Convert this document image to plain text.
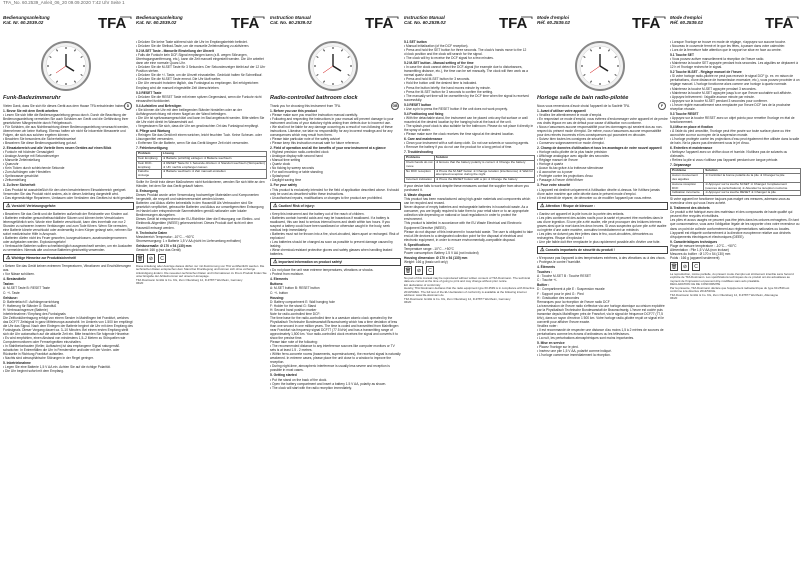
TFA_No. 60.2539_Anleit_06_20 09.09.2020 7:42 Uhr Seite 1
TFA
Bedienungsanleitung
Kat. Nr. 60.2539.02
Funk-Badezimmeruhr
D
Vielen Dank, dass Sie sich für dieses Gerät aus dem Hause TFA entschieden haben.
1. Bevor Sie mit dem Gerät arbeiten
• Lesen Sie sich bitte die Bedienungsanleitung genau durch. Durch die Beachtung der Bedienungsanleitung vermeiden Sie auch Schäden am Gerät und die Gefährdung Ihrer gesetzlichen Mängelrechte durch Fehlgebrauch.
• Für Schäden, die aus Nichtbeachtung dieser Bedienungsanleitung verursacht werden, übernehmen wir keine Haftung. Ebenso haften wir nicht für inkorrekte Messwerte und Folgen, die sich aus solchen ergeben können.
• Beachten Sie besonders die Sicherheitshinweise!
• Bewahren Sie diese Bedienungsanleitung gut auf.
2. Einsatzbereich und alle Vorteile Ihres neuen Gerätes auf einen Blick
• Funkuhr mit höchster Genauigkeit
• Analoge Anzeige mit Sekundenzeiger
• Manuelle Zeiteinstellung
• Quarzuhr
• Kein Ticken durch schleichende Sekunde
• Zum Aufhängen oder Hinstellen
• Spritzwasser geschützt
• Zeitumstellung
3. Zu Ihrer Sicherheit
• Das Produkt ist ausschließlich für den oben beschriebenen Einsatzbereich geeignet. Verwenden Sie das Produkt nicht anders, als in dieser Anleitung dargestellt wird.
• Das eigenmächtige Reparieren, Umbauen oder Verändern des Gerätes ist nicht gestattet.
⚠Vorsicht! Verletzungsgefahr:
• Bewahren Sie das Gerät und die Batterien außerhalb der Reichweite von Kindern auf.
• Batterien enthalten gesundheitsschädliche Säuren und können beim Verschlucken lebensgefährlich sein. Wurde eine Batterie verschluckt, kann dies innerhalb von nur 2 Stunden zu schweren inneren Verätzungen und zum Tode führen. Wenn Sie vermuten, eine Batterie könnte verschluckt oder anderweitig in den Körper gelangt sein, nehmen Sie sofort medizinische Hilfe in Anspruch.
• Batterien dürfen nicht ins Feuer geworfen, kurzgeschlossen, auseinandergenommen oder aufgeladen werden. Explosionsgefahr!
• Verbrauchte Batterien sollten schnellstmöglich ausgewechselt werden, um ein Auslaufen zu vermeiden. Niemals alte und neue Batterien gleichzeitig verwenden.
⚠Wichtige Hinweise zur Produktsicherheit!
• Setzen Sie das Gerät keinen extremen Temperaturen, Vibrationen und Erschütterungen aus.
• Vor Nässe schützen.
4. Bestandteile
Tasten:
A: M-SET Taste B: RESET Taste
C: +/- Taste
Gehäuse:
D: Batteriefach E: Aufhängevorrichtung
F: Halterung für Ständer G: Standfuß
H: Verbrauchsgrenze (Batterie)
Inbetriebnahme / Empfang des Funksignals
Die Zeitfunkübertragung erfolgt von einem Sender in Mainflingen bei Frankfurt, welches das DCF77 Zeitsignal in ganz Mitteleuropa ausstrahlt. Im Umkreis von 1.500 km empfängt die Uhr das Signal. Nach dem Einlegen der Batterie beginnt die Uhr mit dem Empfang des Funksignals. Dieser Vorgang dauert ca. 3–10 Minuten. Bei einem ersten Empfang stellt sich die Uhr automatisch auf die aktuelle Zeit ein. Bitte beachten Sie folgende Hinweise:
• Es wird empfohlen, einen Abstand von mindestens 1,5–2 Metern zu Störquellen wie Computermonitoren oder Fernsehgeräten einzuhalten.
• In Stahlbetonbauten (Keller, Aufbauten) ist das empfangene Signal naturgemäß schwächer. In Extremfällen die Uhr in Fensternähe und/oder mit der Vorder- oder Rückseite in Richtung Frankfurt aufstellen.
• Nachts sind atmosphärische Störungen in der Regel geringer.
5. Inbetriebnahme
• Legen Sie eine Batterie 1,5 V AA ein. Achten Sie auf die richtige Polarität.
• Die Uhr beginnt sofort mit dem Empfang.
TFA
Bedienungsanleitung
Kat. Nr. 60.2539.02
• Drücken Sie keine Taste während sich die Uhr im Empfangsbetrieb befindet.
• Drücken Sie die Stellrad-Taste, um die manuelle Zeiteinstellung zu aktivieren.
5.2 M-SET Taste - Manuelle Einstellung der Uhrzeit
• Falls die Funkuhr kein DCF-Signal empfangen kann (z.B. wegen Störungen, Übertragungsentfernung, etc.), kann die Zeit manuell eingestellt werden. Die Uhr arbeitet dann wie eine normale Quarz-Uhr.
• Drücken Sie die M-SET Taste für 3 Sekunden. Der Sekundenzeiger bleibt auf der 12 Uhr Position stehen.
• Drücken Sie die +/- Taste, um die Uhrzeit einzustellen. Gedrückt halten für Schnelllauf.
• Drücken Sie die M-SET Taste erneut. Die Uhr läuft weiter.
• Die Uhr versucht trotzdem täglich, das Funksignal zu empfangen. Bei erfolgreichem Empfang wird die manuell eingestellte Zeit überschrieben.
5.3 RESET Taste
• Drücken Sie die RESET Taste mit einem spitzen Gegenstand, wenn die Funkuhr nicht einwandfrei funktioniert.
5.4 Aufstellen und Befestigen
• Sie können die Uhr mit dem beiliegenden Ständer hinstellen oder an der Aufhängevorrichtung mit einem Nagel an der Wand befestigen.
• Die Uhr ist spritzwassergeschützt und kann im Bad angebracht werden. Bitte stellen Sie die Uhr nicht direkt im Wasserstrahl auf.
• Vergewissern Sie sich, dass die Uhr am gewünschten Ort das Funksignal empfängt.
6. Pflege und Wartung
• Reinigen Sie das Gerät mit einem weichen, leicht feuchten Tuch. Keine Scheuer- oder Lösungsmittel verwenden.
• Entfernen Sie die Batterie, wenn Sie das Gerät längere Zeit nicht verwenden.
7. Fehlerbeseitigung
Problem	Lösung
Kein Empfang	➜ Batterie polrichtig einlegen ➜ Batterie wechseln
Kein DCF-Empfang	➜ RESET Taste für 1 Sekunde drücken ➜ Standort wechseln (Störquellen) ➜ Uhr nachts empfangen lassen
Falsche Anzeige	➜ Batterie wechseln ➜ Zeit manuell einstellen
Sollte Ihr Gerät trotz dieser Maßnahmen nicht funktionieren, wenden Sie sich bitte an den Händler, bei dem Sie das Gerät gekauft haben.
8. Entsorgung
Dieses Produkt wurde unter Verwendung hochwertiger Materialien und Komponenten hergestellt, die recycelt und wiederverwendet werden können.
Batterien und Akkus dürfen keinesfalls in den Hausmüll! Als Verbraucher sind Sie gesetzlich verpflichtet, gebrauchte Batterien und Akkus zur umweltgerechten Entsorgung im Handel oder entsprechende Sammelstellen gemäß nationaler oder lokaler Bestimmungen abzugeben.
Dieses Gerät ist entsprechend der EU-Richtlinie über die Entsorgung von Elektro- und Elektronik-Altgeräten (WEEE) gekennzeichnet. Dieses Produkt darf nicht mit dem Hausmüll entsorgt werden.
9. Technische Daten
Messbereich Temperatur: -10°C…+50°C
Stromversorgung: 1 x Batterie 1,5 V AA (nicht im Lieferumfang enthalten)
Gehäusemaße: Ø 170 x 54 (130) mm
Gewicht: 166 g (nur das Gerät)
🗑	⊘	C
Diese Anleitung oder Auszüge daraus dürfen nur mit Zustimmung von TFA veröffentlicht werden. Die technischen Daten entsprechen dem Stand bei Drucklegung und können sich ohne vorherige Ankündigung ändern. Die neuesten technischen Daten und Informationen zu Ihrem Produkt finden Sie unter Eingabe der Artikelnummer auf unserer Homepage.
TFA Dostmann GmbH & Co. KG, Zum Ottersberg 12, D-97877 Wertheim, Germany
06/20
TFA
Instruction Manual
Cat. No. 60.2539.02
Radio-controlled bathroom clock
GB
Thank you for choosing this instrument from TFA.
1. Before you use this product
• Please make sure you read the instruction manual carefully.
• Following and respecting the instructions in your manual will prevent damage to your instrument and loss of your statutory rights arising from defects due to incorrect use.
• We shall not be liable for any damage occurring as a result of non-following of these instructions. Likewise, we take no responsibility for any incorrect readings and for any consequences which may result from them.
• Please take particular note of the safety advice!
• Please keep this instruction manual safe for future reference.
2. Field of operation and all the benefits of your new instrument at a glance
• Highest precision radio-controlled clock
• Analogue display with second hand
• Manual time setting
• Quartz clock
• No ticking by sweep seconds
• For wall mounting or table standing
• Splashproof
• Daylight saving time
3. For your safety
• This product is exclusively intended for the field of application described above. It should only be used as described within these instructions.
• Unauthorised repairs, modifications or changes to the product are prohibited.
⚠Caution! Risk of injury:
• Keep this instrument and the battery out of the reach of children.
• Batteries contain harmful acids and may be hazardous if swallowed. If a battery is swallowed, this can lead to serious internal burns and death within two hours. If you suspect a battery could have been swallowed or otherwise caught in the body, seek medical help immediately.
• Batteries must not be thrown into a fire, short-circuited, taken apart or recharged. Risk of explosion!
• Low batteries should be changed as soon as possible to prevent damage caused by leaking.
• Wear chemical-resistant protective gloves and safety glasses when handling leaked batteries.
⚠Important information on product safety!
• Do not place the unit near extreme temperatures, vibrations or shocks.
• Protect from moisture.
4. Elements
Buttons:
A: M-SET button B: RESET button
C: +/- button
Housing:
D: Battery compartment E: Wall hanging hole
F: Holder for the stand G: Stand
H: Second hand position marker
Note for radio-controlled time DCF:
The time base for the radio-controlled time is a caesium atomic clock operated by the Physikalisch Technische Bundesanstalt Braunschweig which has a time deviation of less than one second in one million years. The time is coded and transmitted from Mainflingen near Frankfurt via frequency signal DCF77 (77.5 kHz) and has a transmitting range of approximately 1,500 km. Your radio-controlled clock receives the signal and converts it to show the precise time.
Please take note of the following:
• The recommended distance to any interference sources like computer monitors or TV sets is at least 1.5 - 2 metres.
• Within ferro-concrete rooms (basements, superstructures), the received signal is naturally weakened. In extreme cases, please place the unit close to a window to improve the reception.
• During night-time, atmospheric interference is usually less severe and reception is possible in most cases.
5. Getting started
• Put the stand on the back of the clock.
• Open the battery compartment and insert a battery 1.5 V AA, polarity as shown.
• The clock will start with the radio reception immediately.
TFA
Instruction Manual
Cat. No. 60.2539.02
5.1 SET button
• Manual initialization (of the DCF reception).
• Press and hold the SET button for three seconds. The clock's hands move to the 12 o'clock position and the clock will search for the signal.
• The clock will try to receive the DCF signal for a few minutes.
5.2 M-SET button - Manual setting of the time
• In case the clock cannot detect the DCF-signal (for example due to disturbances, transmitting distance, etc.), the time can be set manually. The clock will then work as a normal quartz clock.
• Press and hold M-SET button for 3 seconds.
• Hold the button until the desired time is indicated.
• Press the button briefly: the hand moves minute by minute.
• Press the M-SET button for 3 seconds to confirm the setting.
• The manually set time will be overwritten by the DCF time when the signal is received successfully.
5.3 RESET button
• Use a pin to press the RESET button if the unit does not work properly.
5.4 Positioning and fixing
• With the detachable stand, the instrument can be placed onto any flat surface or wall mounted at the desired location by the hanging hole at the back of the unit.
• The splash-proof clock is also suitable for the bathroom. Please do not place it directly in the spray of water.
• Please make sure the clock receives the time signal at the desired location.
6. Care and maintenance
• Clean your instrument with a soft damp cloth. Do not use solvents or scouring agents.
• Remove the battery if you do not use the product for a long period of time.
7. Troubleshooting
Problems	Solution
Clock hands do not move	➜ Ensure that the battery polarity is correct ➜ Change the battery
No DCF reception	➜ Press the M-SET button ➜ Change location (interference) ➜ Wait for attempted reception during the night
Incorrect indication	➜ Press the RESET button with a pin ➜ Change the battery
If your device fails to work despite these measures contact the supplier from whom you purchased it.
8. Waste disposal
This product has been manufactured using high-grade materials and components which can be recycled and reused.
Never dispose of empty batteries and rechargeable batteries in household waste. As a consumer, you are legally required to take them to your retail store or to an appropriate collection site depending on national or local regulations in order to protect the environment.
This product is labelled in accordance with the EU Waste Electrical and Electronic Equipment Directive (WEEE).
Please do not dispose of this instrument in household waste. The user is obligated to take end-of-life devices to a designated collection point for the disposal of electrical and electronic equipment, in order to ensure environmentally-compatible disposal.
9. Specifications
Temperature range: -10°C…+50°C
Power consumption: Battery 1.5 V AA (not included)
Housing dimension: Ø 170 x 54 (130) mm
Weight: 166 g (basic unit only)
🗑	⊘	C
No part of this manual may be reproduced without written consent of TFA Dostmann. The technical data are correct at the time of going to print and may change without prior notice.
EU declaration of conformity
Hereby, TFA Dostmann declares that the radio equipment type 60.2539 is in compliance with Directive 2014/53/EU. The full text of the EU declaration of conformity is available at the following internet address: www.tfa-dostmann.de
TFA Dostmann GmbH & Co. KG, Zum Ottersberg 12, D-97877 Wertheim, Germany
06/20
TFA
Mode d'emploi
Réf. 60.2539.02
Horloge salle de bain radio-pilotée
F
Nous vous remercions d'avoir choisi l'appareil de la Société TFA.
1. Avant d'utiliser votre appareil
• Veuillez lire attentivement le mode d'emploi.
• En respectant ce mode d'emploi, vous éviterez d'endommager votre appareil et de perdre vos droits légaux en cas de défaut pour cause d'utilisation non conforme.
• Nous n'assumons aucune responsabilité pour les dommages qui seraient dus au non-respect du présent mode d'emploi. De même, nous n'assumons aucune responsabilité pour des relevés incorrects et les conséquences qui pourraient en découler.
• Suivez bien toutes les consignes de sécurité !
• Conservez soigneusement ce mode d'emploi.
2. Champ de données d'utilisation et tous les avantages de votre nouvel appareil
• Horloge radio-pilotée de la plus haute précision
• Affichage analogique avec aiguille des secondes
• Réglage manuel de l'heure
• Horloge à quartz
• Aucun tic-tac grâce à la trotteuse silencieuse
• À accrocher ou à poser
• Protégée contre les projections d'eau
• Passage à l'heure d'été/d'hiver
3. Pour votre sécurité
• L'appareil est destiné uniquement à l'utilisation décrite ci-dessus. Ne l'utilisez jamais d'une autre manière que celle décrite dans le présent mode d'emploi.
• Il est interdit de réparer, de démonter ou de modifier l'appareil par vous-même.
⚠Attention ! Risque de blessure :
• Gardez cet appareil et la pile hors de la portée des enfants.
• Les piles contiennent des acides nocifs pour la santé et peuvent être mortelles dans le cas d'une ingestion. Si une pile a été avalée, elle peut provoquer des brûlures internes graves ainsi que la mort dans les deux heures. Si vous suspectez qu'une pile a été avalée ou ingérée d'une autre manière, consultez immédiatement un médecin.
• Les piles ne doivent pas être jetées dans le feu, court-circuitées, démontées ou rechargées. Risque d'explosion !
• Une pile faible doit être remplacée le plus rapidement possible afin d'éviter une fuite.
⚠Conseils importants de sécurité du produit !
• N'exposez pas l'appareil à des températures extrêmes, à des vibrations ou à des chocs.
• Protégez-le contre l'humidité.
4. Éléments
Touches :
A : Touche M-SET B : Touche RESET
C : Touche +/-
Boîtier :
D : Compartiment à pile E : Suspension murale
F : Support pour le pied G : Pied
H : Graduation des secondes
Remarques pour la réception de l'heure radio DCF
La transmission de l'heure radio s'effectue via une horloge atomique au césium exploitée par la Physikalisch Technische Bundesanstalt de Braunschweig. L'heure est codée puis transmise depuis Mainflingen près de Francfort, via le signal de fréquence DCF77 (77,5 kHz), dans un rayon d'environ 1 500 km. Votre horloge radio-pilotée reçoit ce signal et le convertit pour afficher l'heure exacte.
Veuillez noter :
• Il est recommandé de respecter une distance d'au moins 1,5 à 2 mètres de sources de perturbations comme les écrans d'ordinateurs ou les téléviseurs.
• La nuit, les perturbations atmosphériques sont moins importantes.
5. Mise en service
• Placez l'horloge sur le pied.
• Insérez une pile 1,5 V AA, polarité comme indiqué.
• L'horloge commence immédiatement la réception.
TFA
Mode d'emploi
Réf. 60.2539.02
• Lorsque l'horloge se trouve en mode de réglage, n'appuyez sur aucune touche.
• Nouveau le couvercle fermé et le que les fêtes, à passer dans votre calendrier.
• Lors de la fermeture faite attention que le rapport se situe en face au centre.
5.1 Touche SET
• Vous pouvez activer manuellement la réception de l'heure radio.
• Maintenez la touche SET appuyée pendant trois secondes. Les aiguilles se déplacent à 12 h et l'horloge recherche le signal.
5.2 Touche M-SET - Réglage manuel de l'heure
• Si votre horloge radio-pilotée ne peut pas recevoir le signal DCF (p. ex. en raison de perturbations, d'une distance de transmission excessive, etc.), vous pouvez procéder à un réglage manuel. L'horloge fonctionne alors comme une horloge à quartz normale.
• Maintenez la touche M-SET appuyée pendant 3 secondes.
• Maintenez la touche M-SET appuyée jusqu'à ce que l'heure souhaitée soit affichée.
• Appuyez brièvement : l'aiguille avance minute par minute.
• Appuyez sur la touche M-SET pendant 3 secondes pour confirmer.
• L'heure réglée manuellement sera remplacée par l'heure DCF lors de la prochaine réception réussie.
5.3 Touche RESET
• Appuyez sur la touche RESET avec un objet pointu pour remettre l'horloge en état de fonctionnement.
5.4 Mise en place et fixation
• À l'aide du pied amovible, l'horloge peut être posée sur toute surface plane ou être accrochée au mur au moyen de la suspension murale.
• L'horloge protégée contre les projections d'eau peut également être utilisée dans la salle de bain. Ne la placez pas directement sous le jet d'eau.
6. Entretien et maintenance
• Nettoyez l'appareil avec un chiffon doux et humide. N'utilisez pas de solvants ou d'abrasifs.
• Retirez la pile si vous n'utilisez pas l'appareil pendant une longue période.
7. Dépannage
Problème	Solution
Aucun mouvement des aiguilles	➜ Contrôlez la bonne polarité de la pile ➜ Changez la pile
Aucune réception DCF	➜ Appuyez sur la touche M-SET ➜ Changez l'emplacement (sources de perturbations) ➜ Attendez la réception nocturne
Indication incorrecte	➜ Appuyez sur la touche RESET ➜ Changez la pile
Si votre appareil ne fonctionne toujours pas malgré ces mesures, adressez-vous au revendeur chez qui vous l'avez acheté.
8. Traitement des déchets
Ce produit a été fabriqué avec des matériaux et des composants de haute qualité qui peuvent être recyclés et réutilisés.
Les piles et accus usagés ne peuvent pas être jetés dans les ordures ménagères. En tant que consommateur, vous avez l'obligation légale de les rapporter chez votre revendeur ou dans un point de collecte conformément aux réglementations nationales ou locales.
L'appareil est étiqueté conformément à la directive européenne relative aux déchets d'équipements électriques et électroniques (DEEE).
9. Caractéristiques techniques
Plage de mesure température : -10°C…+50°C
Alimentation : Pile 1,5 V AA (non incluse)
Mesures du boîtier : Ø 170 x 54 (130) mm
Poids : 166 g (appareil seulement)
🗑	⊘	C
La reproduction, même partielle, du présent mode d'emploi est strictement interdite sans l'accord explicite de TFA Dostmann. Les spécifications techniques de ce produit ont été actualisées au moment de l'impression et peuvent être modifiées sans avis préalable.
DÉCLARATION UE DE CONFORMITÉ
Par la présente, TFA Dostmann déclare que l'équipement radioélectrique du type 60.2539 est conforme à la directive 2014/53/UE.
TFA Dostmann GmbH & Co. KG, Zum Ottersberg 12, D-97877 Wertheim, Allemagne
06/20
